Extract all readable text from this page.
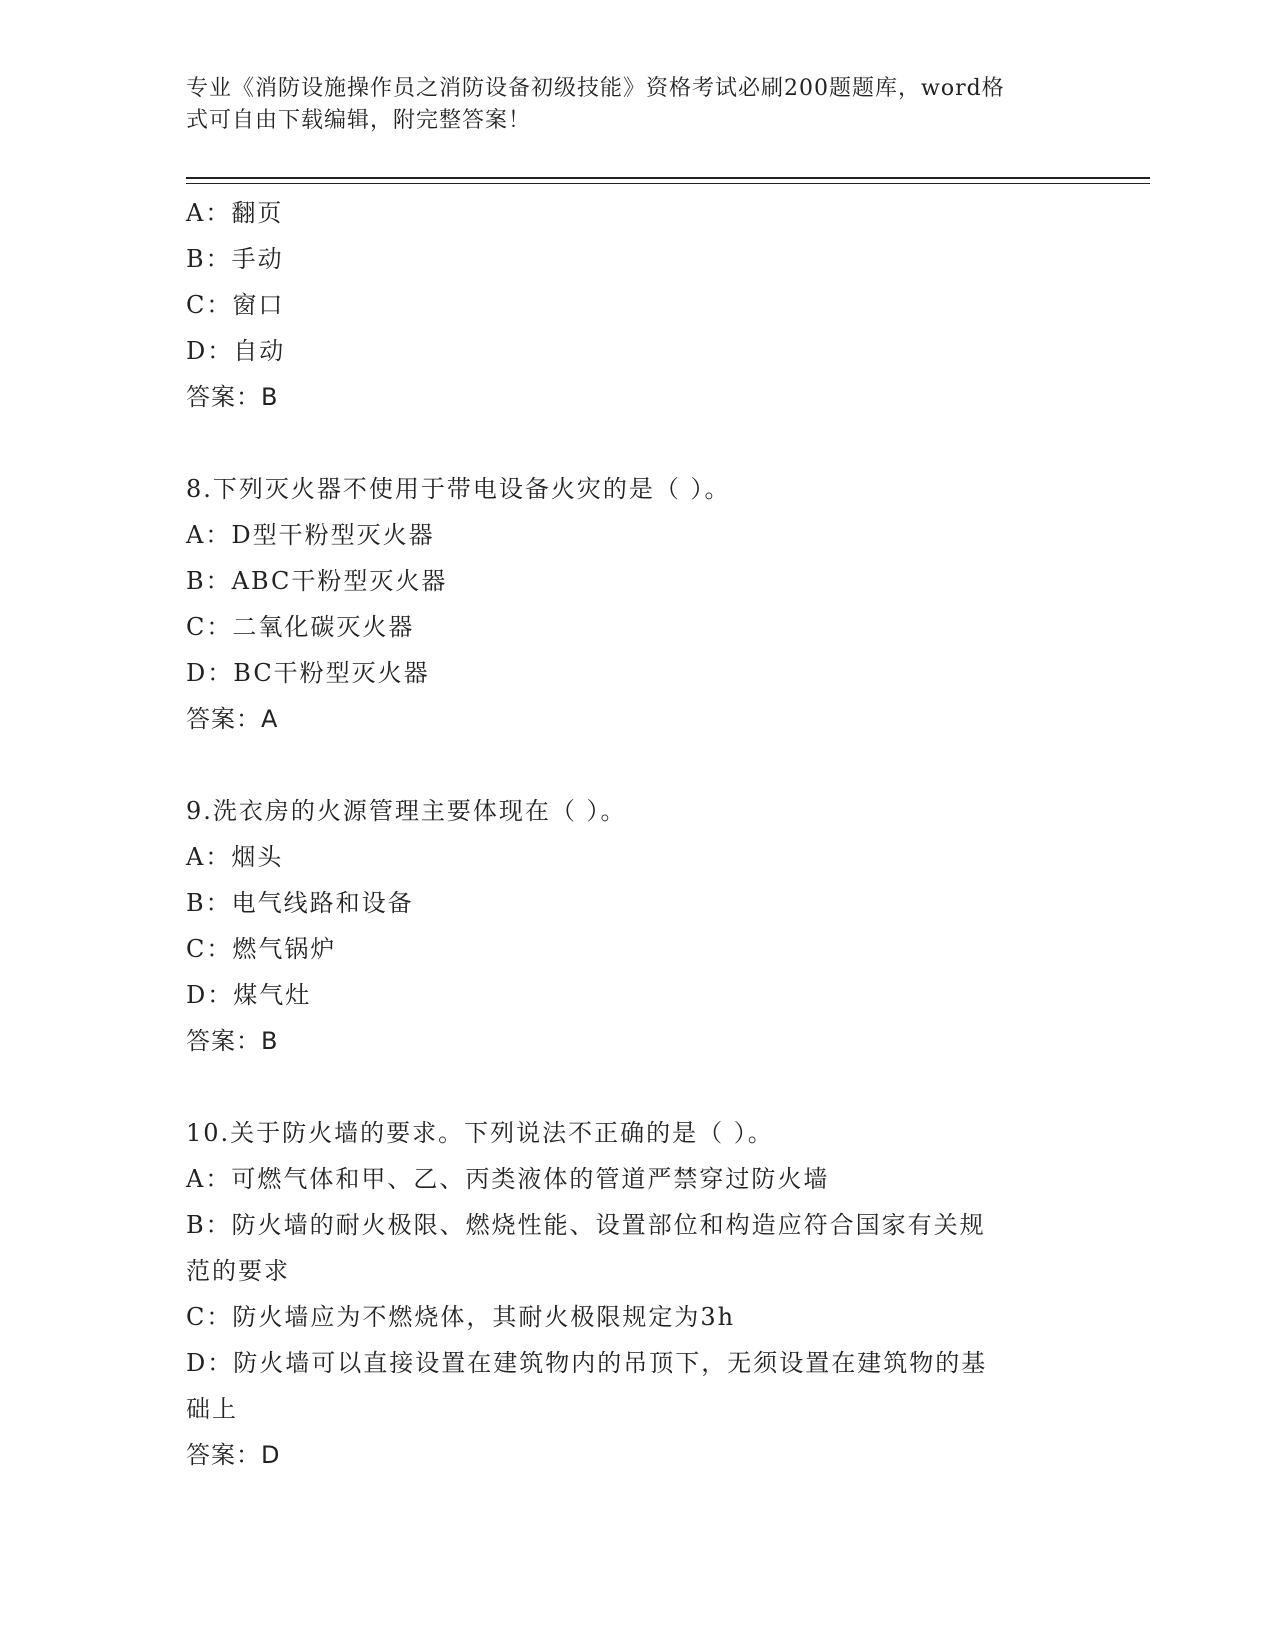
专业《消防设施操作员之消防设备初级技能》资格考试必刷200题题库，word格
式可自由下载编辑，附完整答案！
A：翻页
B：手动
C：窗口
D：自动
答案：B
8.下列灭火器不使用于带电设备火灾的是（ ）。
A：D型干粉型灭火器
B：ABC干粉型灭火器
C：二氧化碳灭火器
D：BC干粉型灭火器
答案：A
9.洗衣房的火源管理主要体现在（ ）。
A：烟头
B：电气线路和设备
C：燃气锅炉
D：煤气灶
答案：B
10.关于防火墙的要求。下列说法不正确的是（ ）。
A：可燃气体和甲、乙、丙类液体的管道严禁穿过防火墙
B：防火墙的耐火极限、燃烧性能、设置部位和构造应符合国家有关规
范的要求
C：防火墙应为不燃烧体，其耐火极限规定为3h
D：防火墙可以直接设置在建筑物内的吊顶下，无须设置在建筑物的基
础上
答案：D
